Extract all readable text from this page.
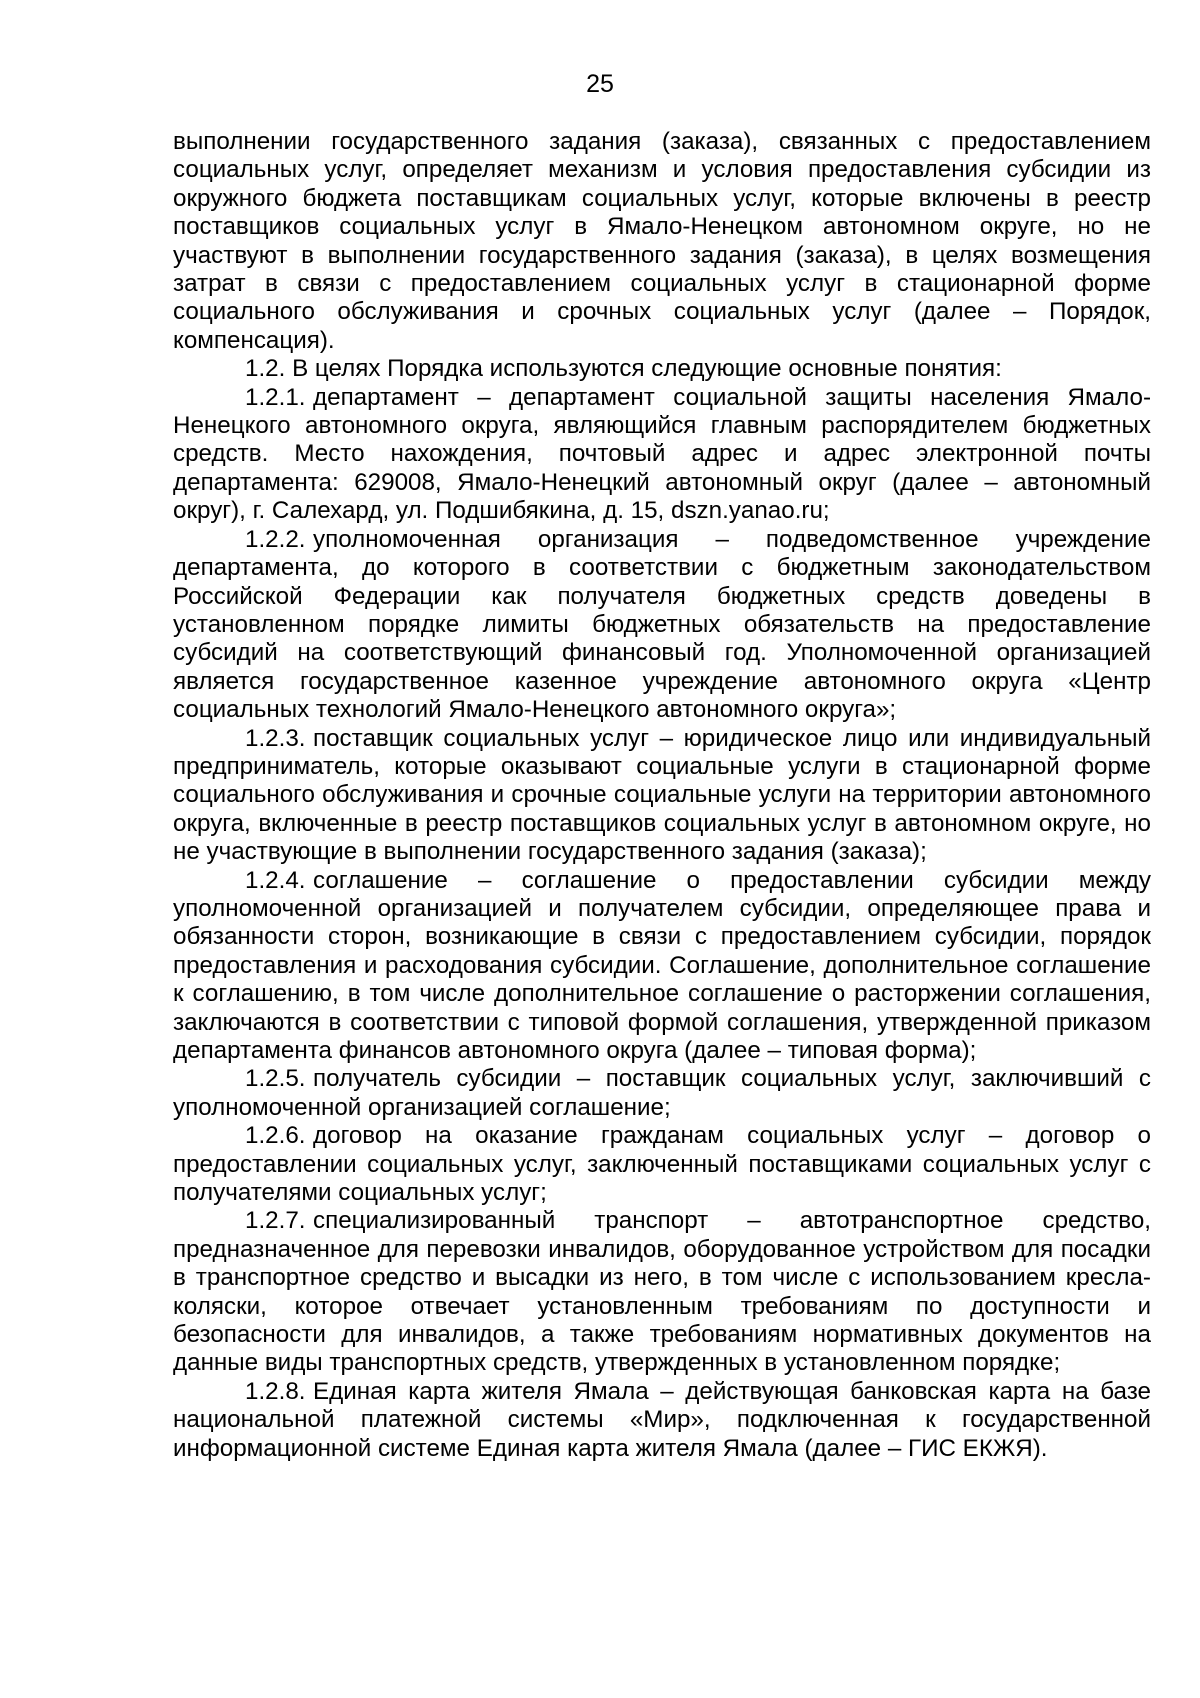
25

выполнении государственного задания (заказа), связанных с предоставлением социальных услуг, определяет механизм и условия предоставления субсидии из окружного бюджета поставщикам социальных услуг, которые включены в реестр поставщиков социальных услуг в Ямало-Ненецком автономном округе, но не участвуют в выполнении государственного задания (заказа), в целях возмещения затрат в связи с предоставлением социальных услуг в стационарной форме социального обслуживания и срочных социальных услуг (далее – Порядок, компенсация).

1.2. В целях Порядка используются следующие основные понятия:

1.2.1. департамент – департамент социальной защиты населения Ямало-Ненецкого автономного округа, являющийся главным распорядителем бюджетных средств. Место нахождения, почтовый адрес и адрес электронной почты департамента: 629008, Ямало-Ненецкий автономный округ (далее – автономный округ), г. Салехард, ул. Подшибякина, д. 15, dszn.yanao.ru;

1.2.2. уполномоченная организация – подведомственное учреждение департамента, до которого в соответствии с бюджетным законодательством Российской Федерации как получателя бюджетных средств доведены в установленном порядке лимиты бюджетных обязательств на предоставление субсидий на соответствующий финансовый год. Уполномоченной организацией является государственное казенное учреждение автономного округа «Центр социальных технологий Ямало-Ненецкого автономного округа»;

1.2.3. поставщик социальных услуг – юридическое лицо или индивидуальный предприниматель, которые оказывают социальные услуги в стационарной форме социального обслуживания и срочные социальные услуги на территории автономного округа, включенные в реестр поставщиков социальных услуг в автономном округе, но не участвующие в выполнении государственного задания (заказа);

1.2.4. соглашение – соглашение о предоставлении субсидии между уполномоченной организацией и получателем субсидии, определяющее права и обязанности сторон, возникающие в связи с предоставлением субсидии, порядок предоставления и расходования субсидии. Соглашение, дополнительное соглашение к соглашению, в том числе дополнительное соглашение о расторжении соглашения, заключаются в соответствии с типовой формой соглашения, утвержденной приказом департамента финансов автономного округа (далее – типовая форма);

1.2.5. получатель субсидии – поставщик социальных услуг, заключивший с уполномоченной организацией соглашение;

1.2.6. договор на оказание гражданам социальных услуг – договор о предоставлении социальных услуг, заключенный поставщиками социальных услуг с получателями социальных услуг;

1.2.7. специализированный транспорт – автотранспортное средство, предназначенное для перевозки инвалидов, оборудованное устройством для посадки в транспортное средство и высадки из него, в том числе с использованием кресла-коляски, которое отвечает установленным требованиям по доступности и безопасности для инвалидов, а также требованиям нормативных документов на данные виды транспортных средств, утвержденных в установленном порядке;

1.2.8. Единая карта жителя Ямала – действующая банковская карта на базе национальной платежной системы «Мир», подключенная к государственной информационной системе Единая карта жителя Ямала (далее – ГИС ЕКЖЯ).
